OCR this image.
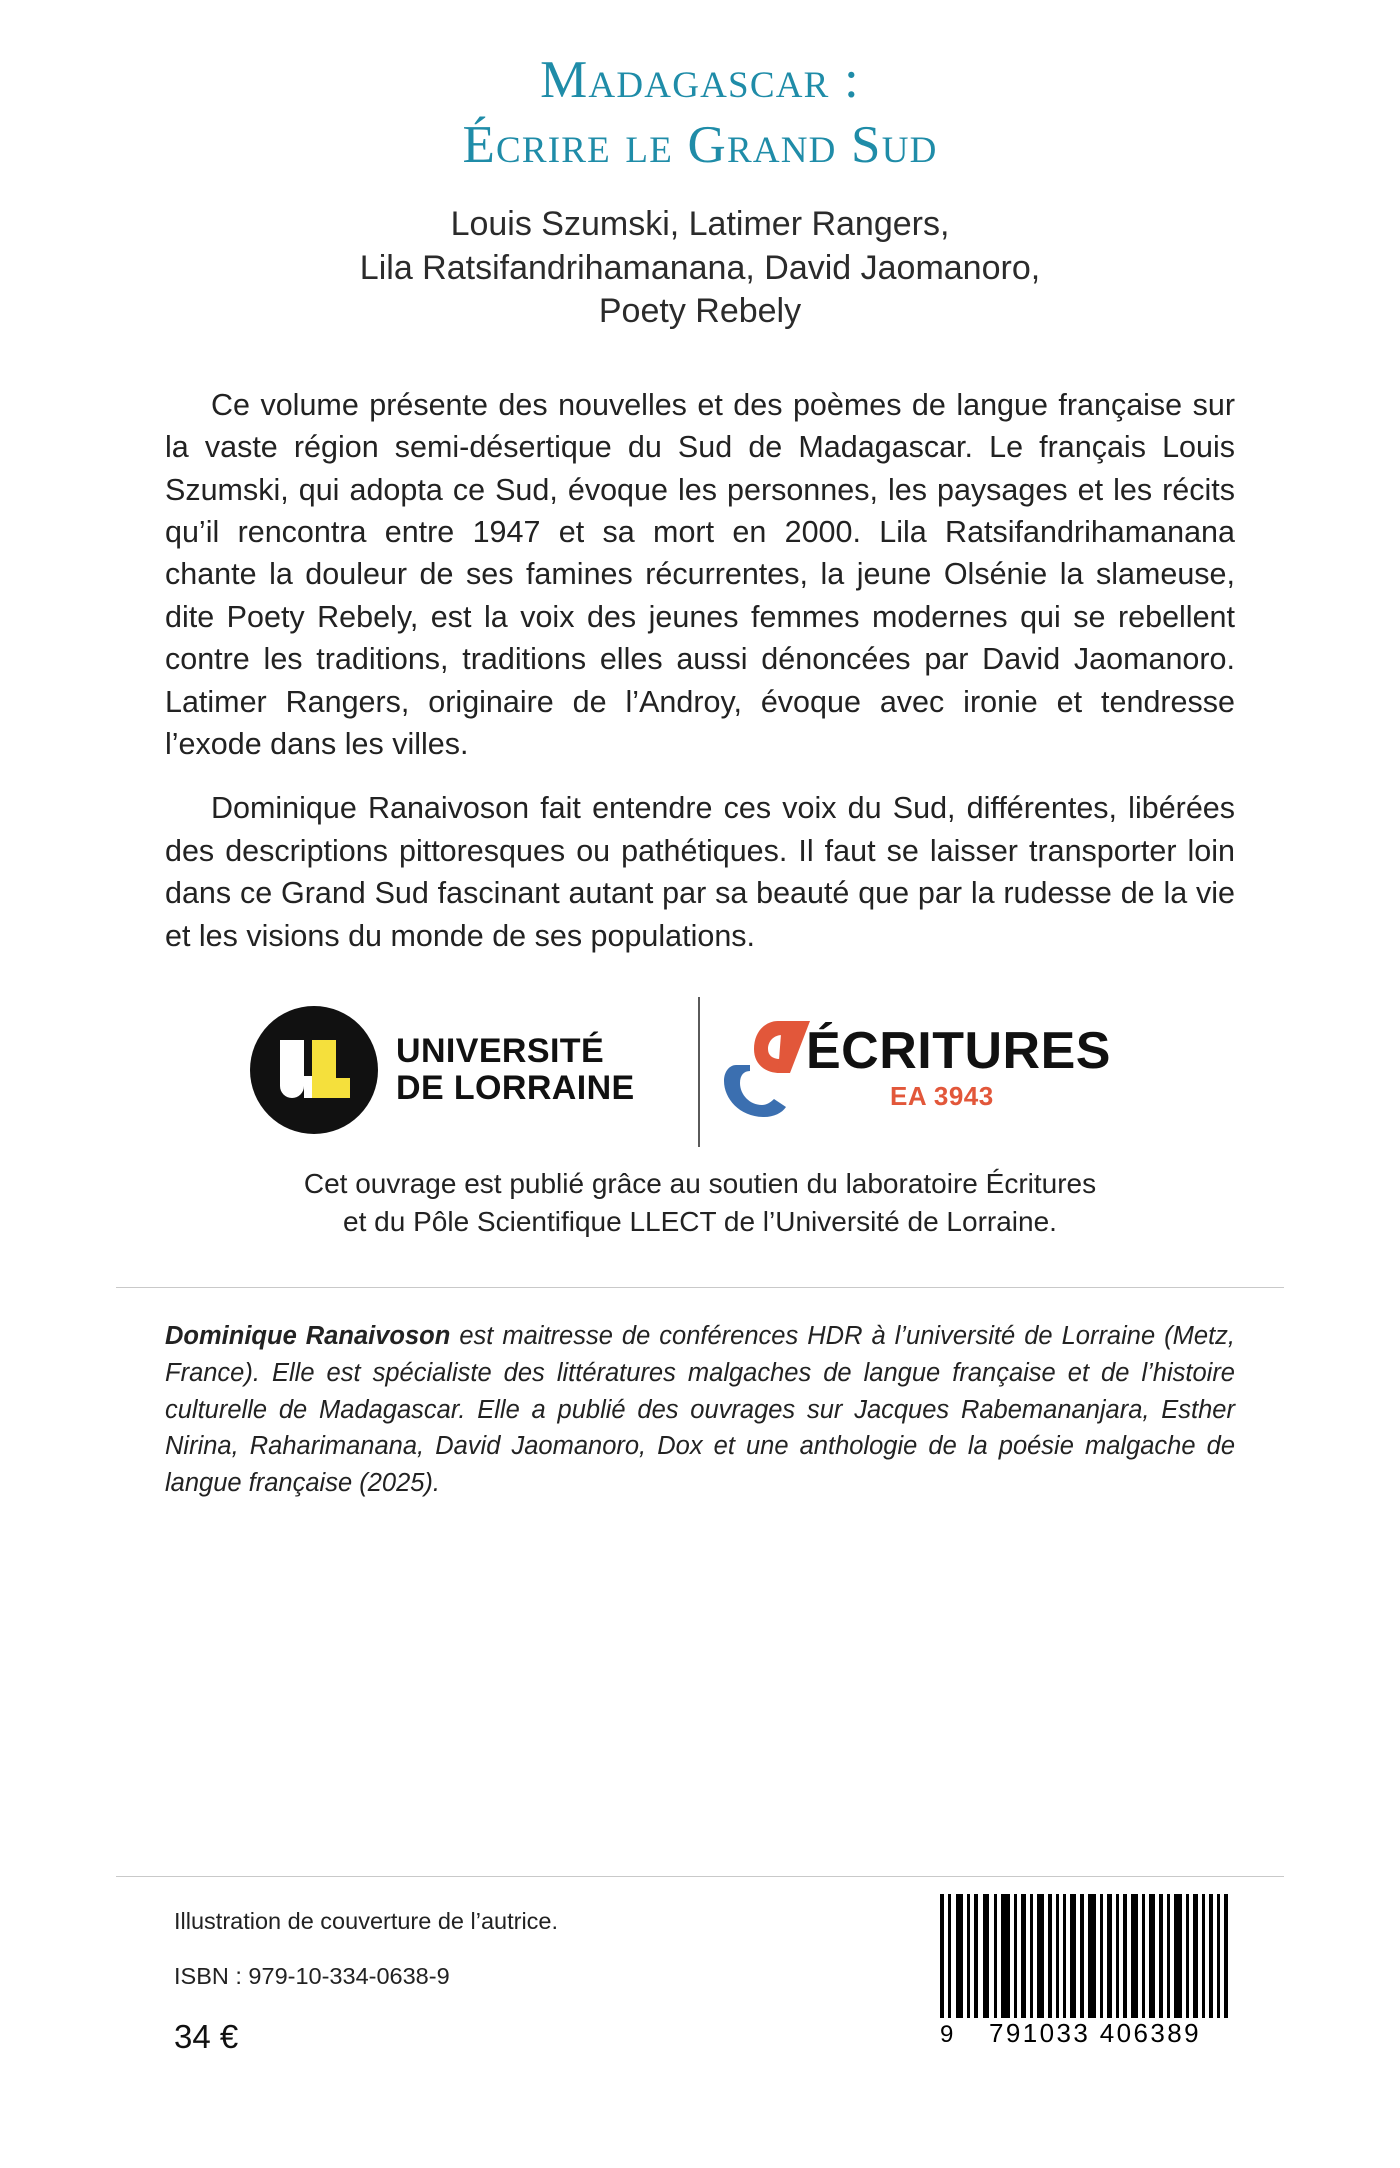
Madagascar :
Écrire le Grand Sud
Louis Szumski, Latimer Rangers,
Lila Ratsifandrihamanana, David Jaomanoro,
Poety Rebely

Ce volume présente des nouvelles et des poèmes de langue française sur la vaste région semi-désertique du Sud de Madagascar. Le français Louis Szumski, qui adopta ce Sud, évoque les personnes, les paysages et les récits qu’il rencontra entre 1947 et sa mort en 2000. Lila Ratsifandrihamanana chante la douleur de ses famines récurrentes, la jeune Olsénie la slameuse, dite Poety Rebely, est la voix des jeunes femmes modernes qui se rebellent contre les traditions, traditions elles aussi dénoncées par David Jaomanoro. Latimer Rangers, originaire de l’Androy, évoque avec ironie et tendresse l’exode dans les villes.

Dominique Ranaivoson fait entendre ces voix du Sud, différentes, libérées des descriptions pittoresques ou pathétiques. Il faut se laisser transporter loin dans ce Grand Sud fascinant autant par sa beauté que par la rudesse de la vie et les visions du monde de ses populations.

UNIVERSITÉ
DE LORRAINE
ÉCRITURES
EA 3943
Cet ouvrage est publié grâce au soutien du laboratoire Écritures
et du Pôle Scientifique LLECT de l’Université de Lorraine.
Dominique Ranaivoson est maitresse de conférences HDR à l’université de Lorraine (Metz, France). Elle est spécialiste des littératures malgaches de langue française et de l’histoire culturelle de Madagascar. Elle a publié des ouvrages sur Jacques Rabemananjara, Esther Nirina, Raharimanana, David Jaomanoro, Dox et une anthologie de la poésie malgache de langue française (2025).
Illustration de couverture de l’autrice.
ISBN : 979-10-334-0638-9
34 €	9	791033 406389
